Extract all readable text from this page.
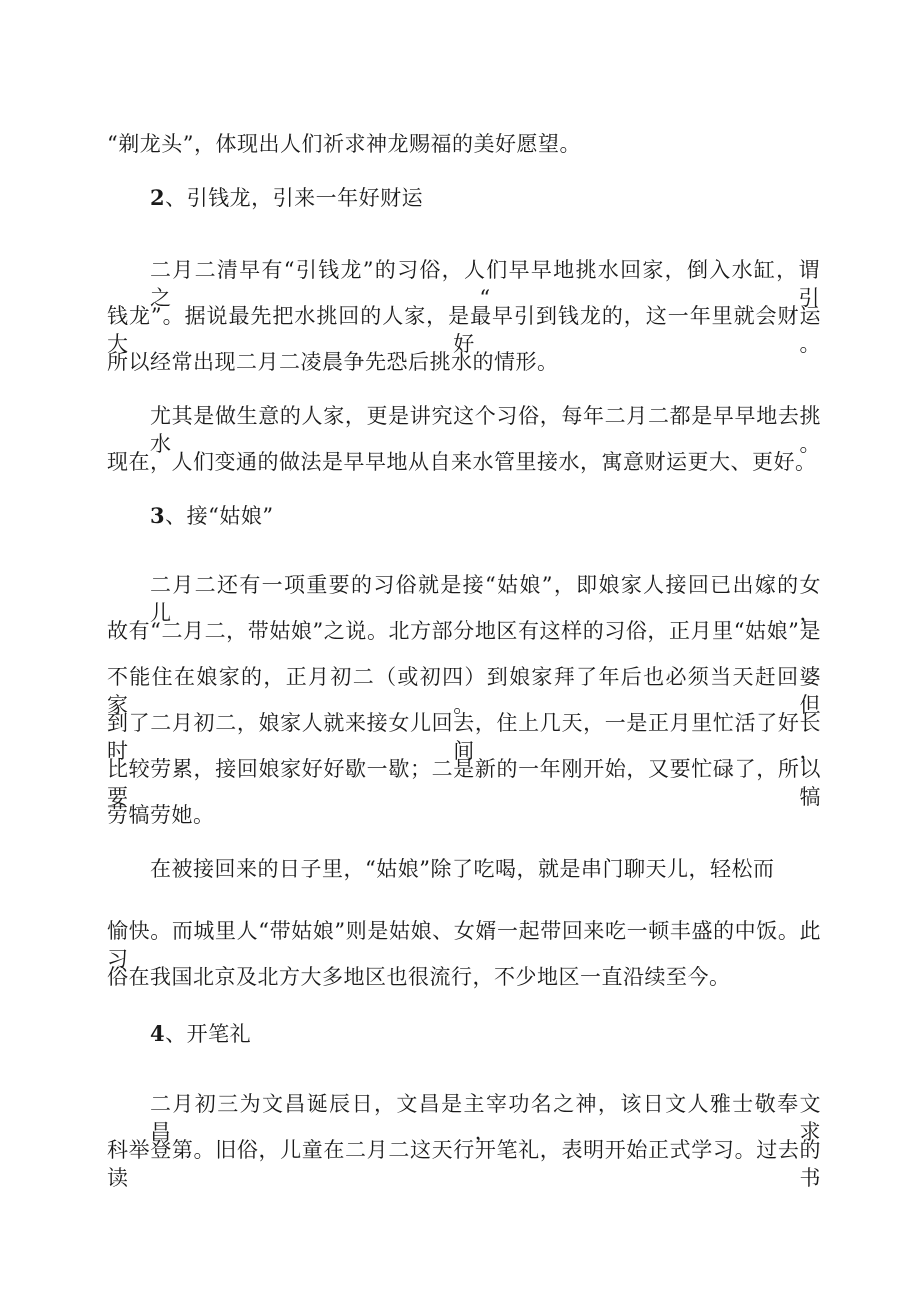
“剃龙头”，体现出人们祈求神龙赐福的美好愿望。
2、引钱龙，引来一年好财运
二月二清早有“引钱龙”的习俗，人们早早地挑水回家，倒入水缸，谓之“引
钱龙”。据说最先把水挑回的人家，是最早引到钱龙的，这一年里就会财运大好。
所以经常出现二月二凌晨争先恐后挑水的情形。
尤其是做生意的人家，更是讲究这个习俗，每年二月二都是早早地去挑水。
现在，人们变通的做法是早早地从自来水管里接水，寓意财运更大、更好。
3、接“姑娘”
二月二还有一项重要的习俗就是接“姑娘”，即娘家人接回已出嫁的女儿，
故有“二月二，带姑娘”之说。北方部分地区有这样的习俗，正月里“姑娘”是
不能住在娘家的，正月初二（或初四）到娘家拜了年后也必须当天赶回婆家。但
到了二月初二，娘家人就来接女儿回去，住上几天，一是正月里忙活了好长时间，
比较劳累，接回娘家好好歇一歇；二是新的一年刚开始，又要忙碌了，所以要犒
劳犒劳她。
在被接回来的日子里，“姑娘”除了吃喝，就是串门聊天儿，轻松而
愉快。而城里人“带姑娘”则是姑娘、女婿一起带回来吃一顿丰盛的中饭。此习
俗在我国北京及北方大多地区也很流行，不少地区一直沿续至今。
4、开笔礼
二月初三为文昌诞辰日，文昌是主宰功名之神，该日文人雅士敬奉文昌，求
科举登第。旧俗，儿童在二月二这天行开笔礼，表明开始正式学习。过去的读书
